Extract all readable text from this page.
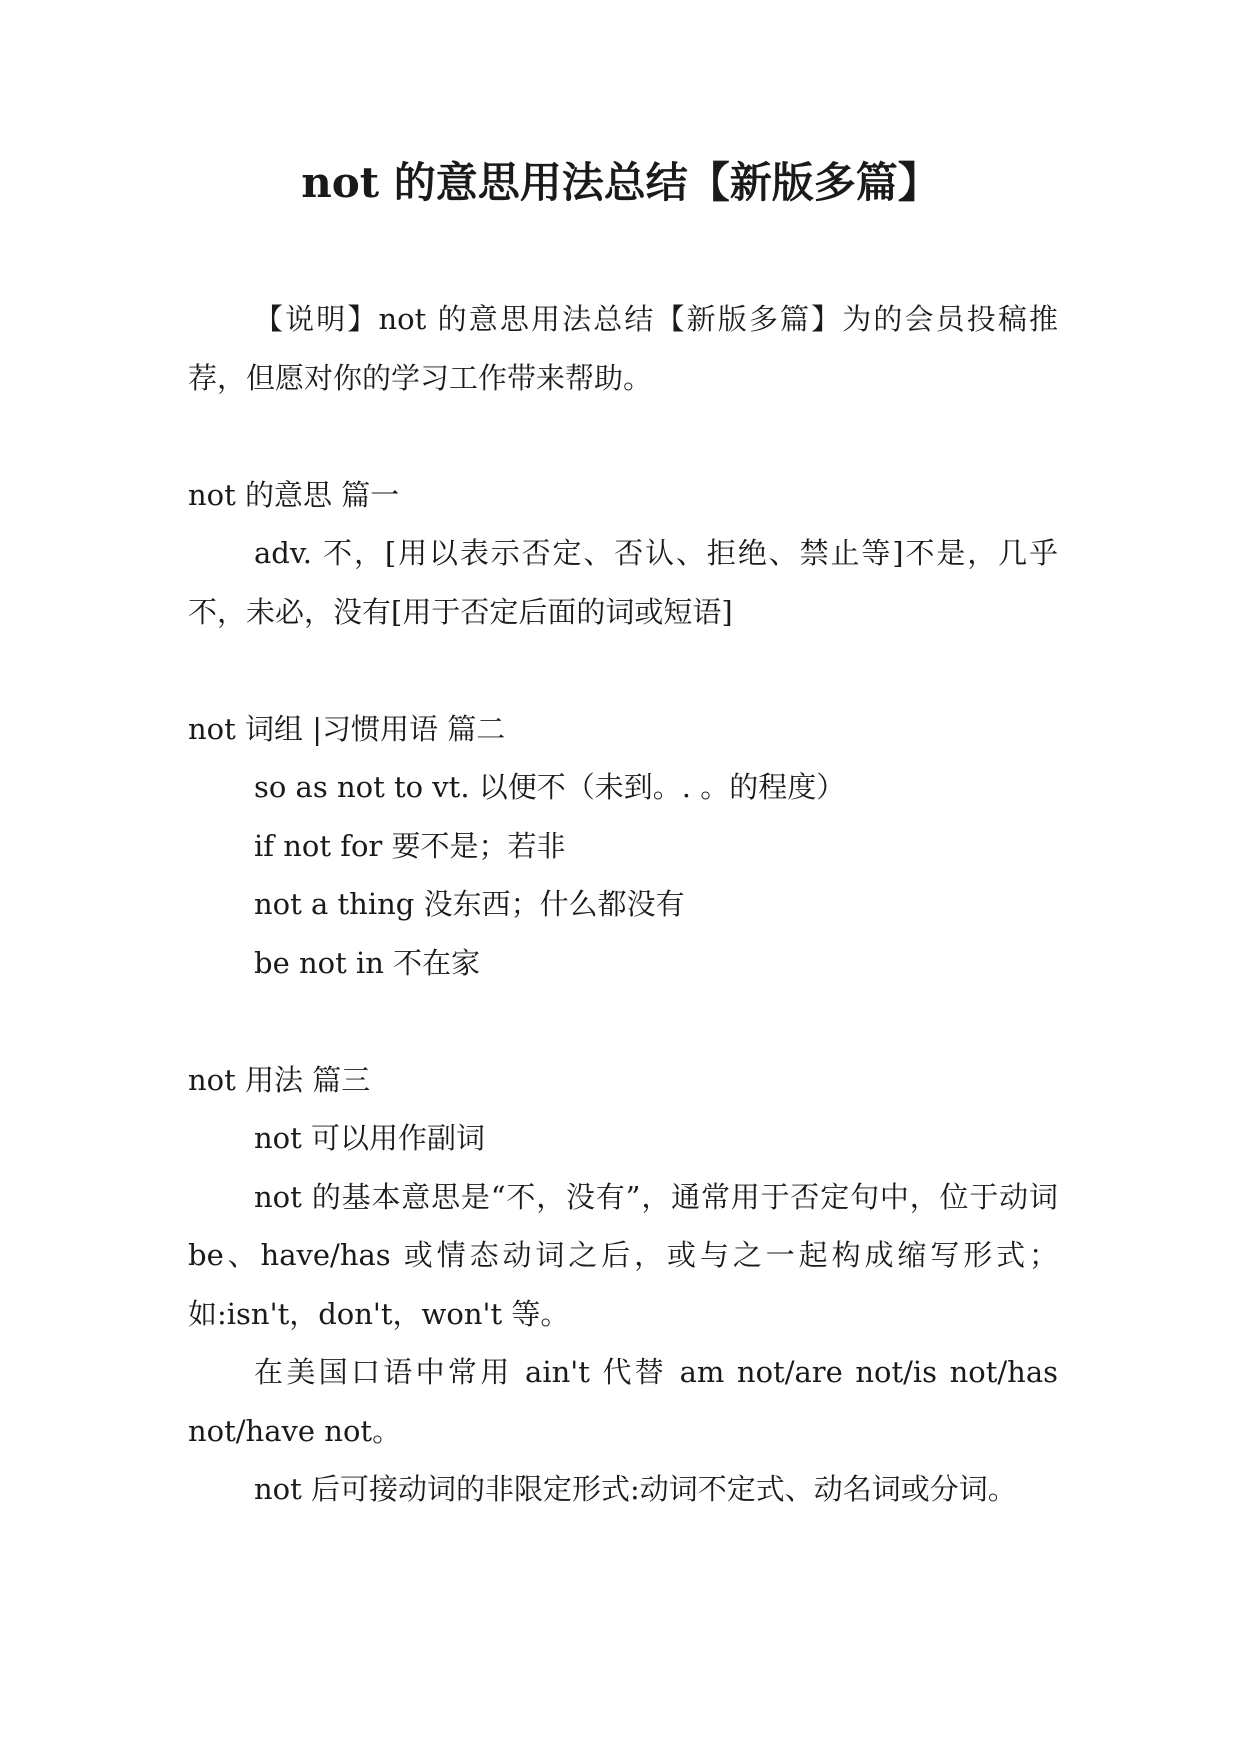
not 的意思用法总结【新版多篇】

【说明】not 的意思用法总结【新版多篇】为的会员投稿推荐，但愿对你的学习工作带来帮助。

not 的意思 篇一

adv. 不，[用以表示否定、否认、拒绝、禁止等]不是，几乎不，未必，没有[用于否定后面的词或短语]

not 词组 |习惯用语 篇二

so as not to vt. 以便不（未到。. 。的程度）

if not for 要不是；若非

not a thing 没东西；什么都没有

be not in 不在家

not 用法 篇三

not 可以用作副词

not 的基本意思是“不，没有”，通常用于否定句中，位于动词 be、have/has 或情态动词之后，或与之一起构成缩写形式； 如:isn't，don't，won't 等。

在美国口语中常用 ain't 代替 am not/are not/is not/has not/have not。

not 后可接动词的非限定形式:动词不定式、动名词或分词。
